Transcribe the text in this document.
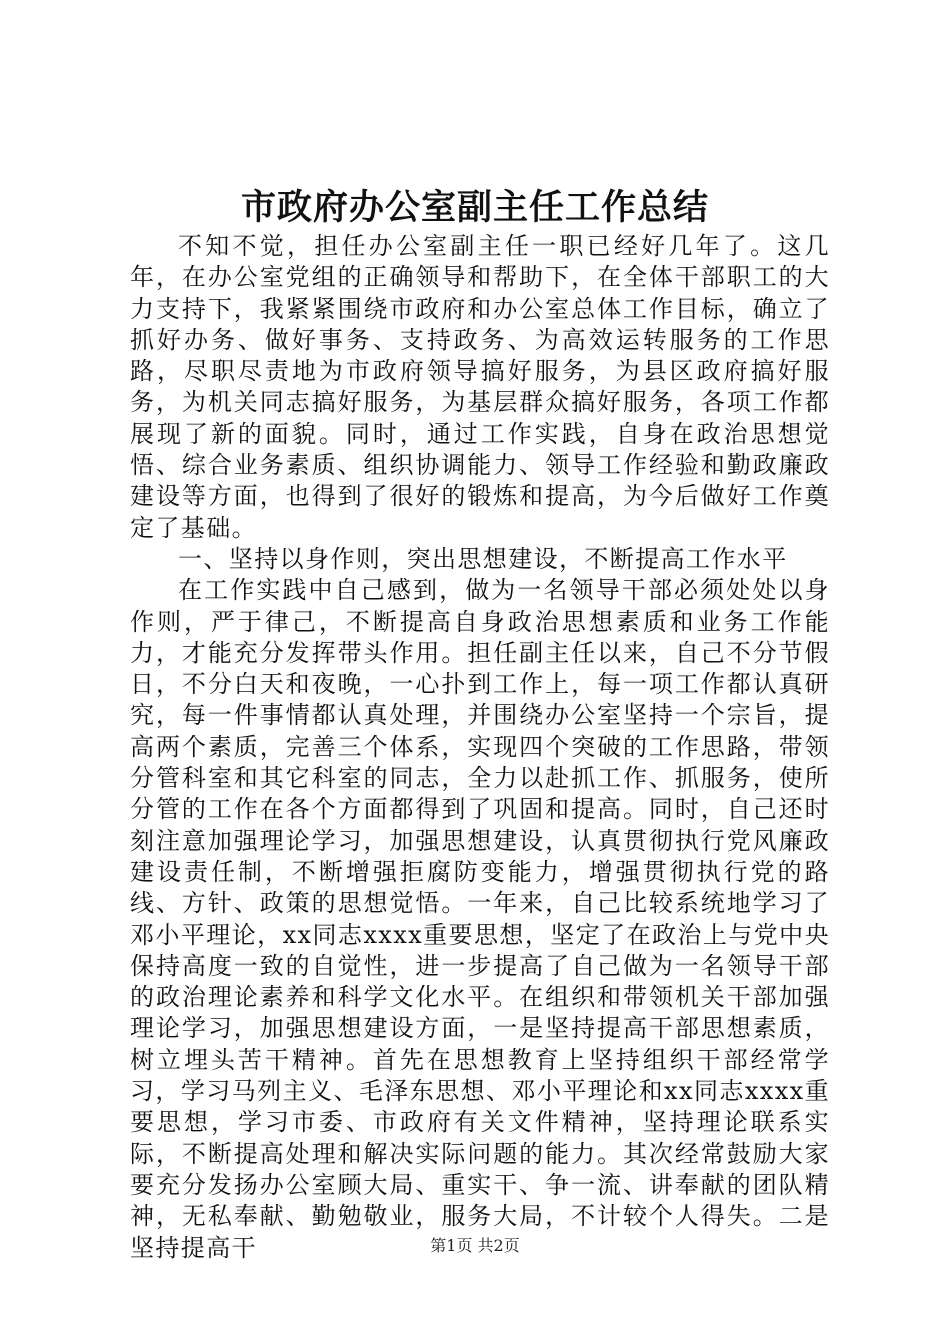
市政府办公室副主任工作总结

不知不觉，担任办公室副主任一职已经好几年了。这几年，在办公室党组的正确领导和帮助下，在全体干部职工的大力支持下，我紧紧围绕市政府和办公室总体工作目标，确立了抓好办务、做好事务、支持政务、为高效运转服务的工作思路，尽职尽责地为市政府领导搞好服务，为县区政府搞好服务，为机关同志搞好服务，为基层群众搞好服务，各项工作都展现了新的面貌。同时，通过工作实践，自身在政治思想觉悟、综合业务素质、组织协调能力、领导工作经验和勤政廉政建设等方面，也得到了很好的锻炼和提高，为今后做好工作奠定了基础。

一、坚持以身作则，突出思想建设，不断提高工作水平

在工作实践中自己感到，做为一名领导干部必须处处以身作则，严于律己，不断提高自身政治思想素质和业务工作能力，才能充分发挥带头作用。担任副主任以来，自己不分节假日，不分白天和夜晚，一心扑到工作上，每一项工作都认真研究，每一件事情都认真处理，并围绕办公室坚持一个宗旨，提高两个素质，完善三个体系，实现四个突破的工作思路，带领分管科室和其它科室的同志，全力以赴抓工作、抓服务，使所分管的工作在各个方面都得到了巩固和提高。同时，自己还时刻注意加强理论学习，加强思想建设，认真贯彻执行党风廉政建设责任制，不断增强拒腐防变能力，增强贯彻执行党的路线、方针、政策的思想觉悟。一年来，自己比较系统地学习了邓小平理论，xx同志xxxx重要思想，坚定了在政治上与党中央保持高度一致的自觉性，进一步提高了自己做为一名领导干部的政治理论素养和科学文化水平。在组织和带领机关干部加强理论学习，加强思想建设方面，一是坚持提高干部思想素质，树立埋头苦干精神。首先在思想教育上坚持组织干部经常学习，学习马列主义、毛泽东思想、邓小平理论和xx同志xxxx重要思想，学习市委、市政府有关文件精神，坚持理论联系实际，不断提高处理和解决实际问题的能力。其次经常鼓励大家要充分发扬办公室顾大局、重实干、争一流、讲奉献的团队精神，无私奉献、勤勉敬业，服务大局，不计较个人得失。二是坚持提高干	第1页 共2页
